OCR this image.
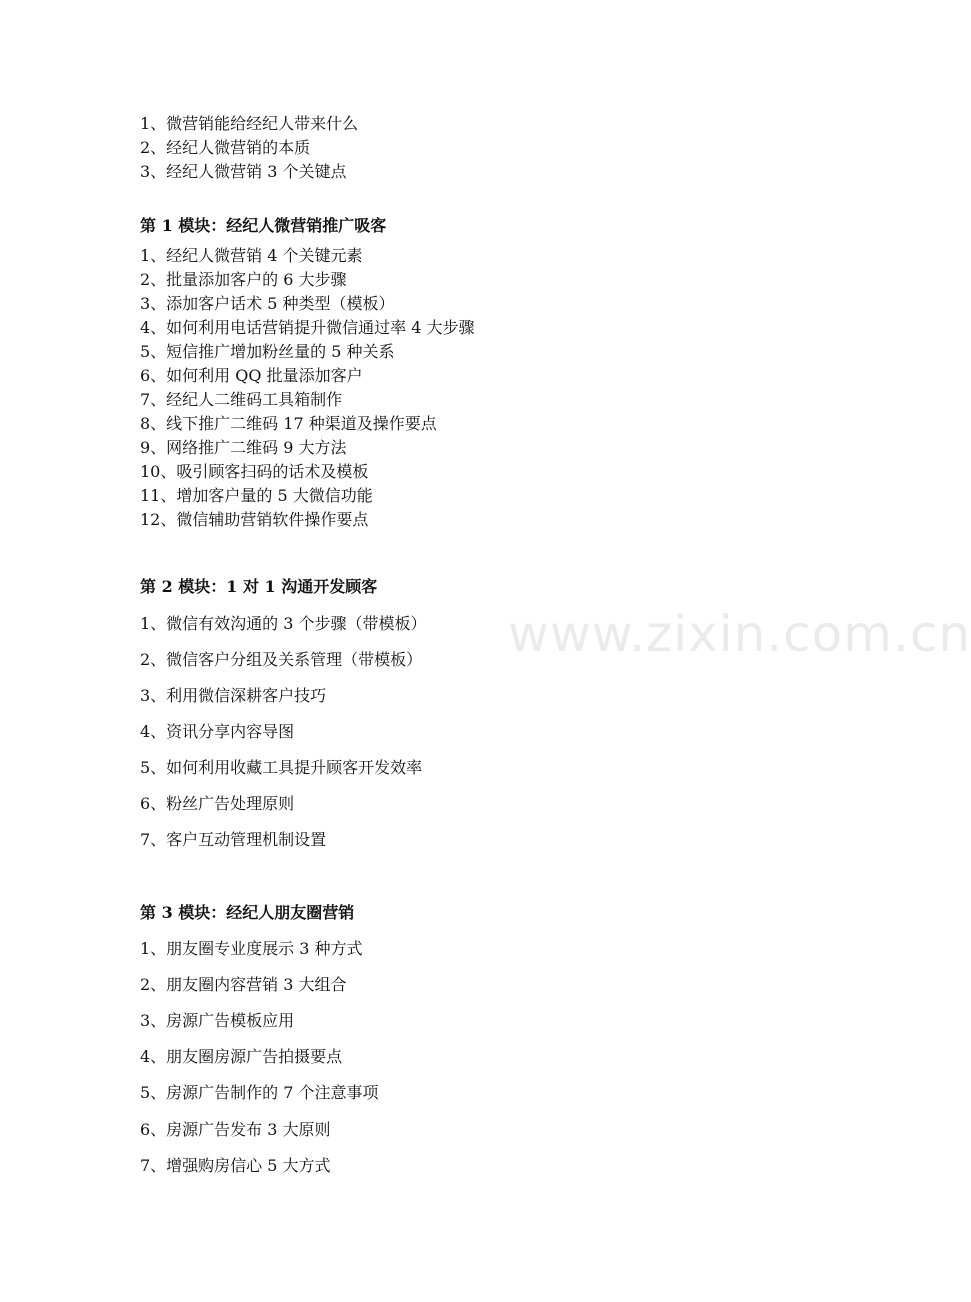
1、微营销能给经纪人带来什么
2、经纪人微营销的本质
3、经纪人微营销 3 个关键点
第 1 模块：经纪人微营销推广吸客
1、经纪人微营销 4 个关键元素
2、批量添加客户的 6 大步骤
3、添加客户话术 5 种类型（模板）
4、如何利用电话营销提升微信通过率 4 大步骤
5、短信推广增加粉丝量的 5 种关系
6、如何利用 QQ 批量添加客户
7、经纪人二维码工具箱制作
8、线下推广二维码 17 种渠道及操作要点
9、网络推广二维码 9 大方法
10、吸引顾客扫码的话术及模板
11、增加客户量的 5 大微信功能
12、微信辅助营销软件操作要点
第 2 模块：1 对 1 沟通开发顾客
1、微信有效沟通的 3 个步骤（带模板）
2、微信客户分组及关系管理（带模板）
3、利用微信深耕客户技巧
4、资讯分享内容导图
5、如何利用收藏工具提升顾客开发效率
6、粉丝广告处理原则
7、客户互动管理机制设置
第 3 模块：经纪人朋友圈营销
1、朋友圈专业度展示 3 种方式
2、朋友圈内容营销 3 大组合
3、房源广告模板应用
4、朋友圈房源广告拍摄要点
5、房源广告制作的 7 个注意事项
6、房源广告发布 3 大原则
7、增强购房信心 5 大方式
www.zixin.com.cn
